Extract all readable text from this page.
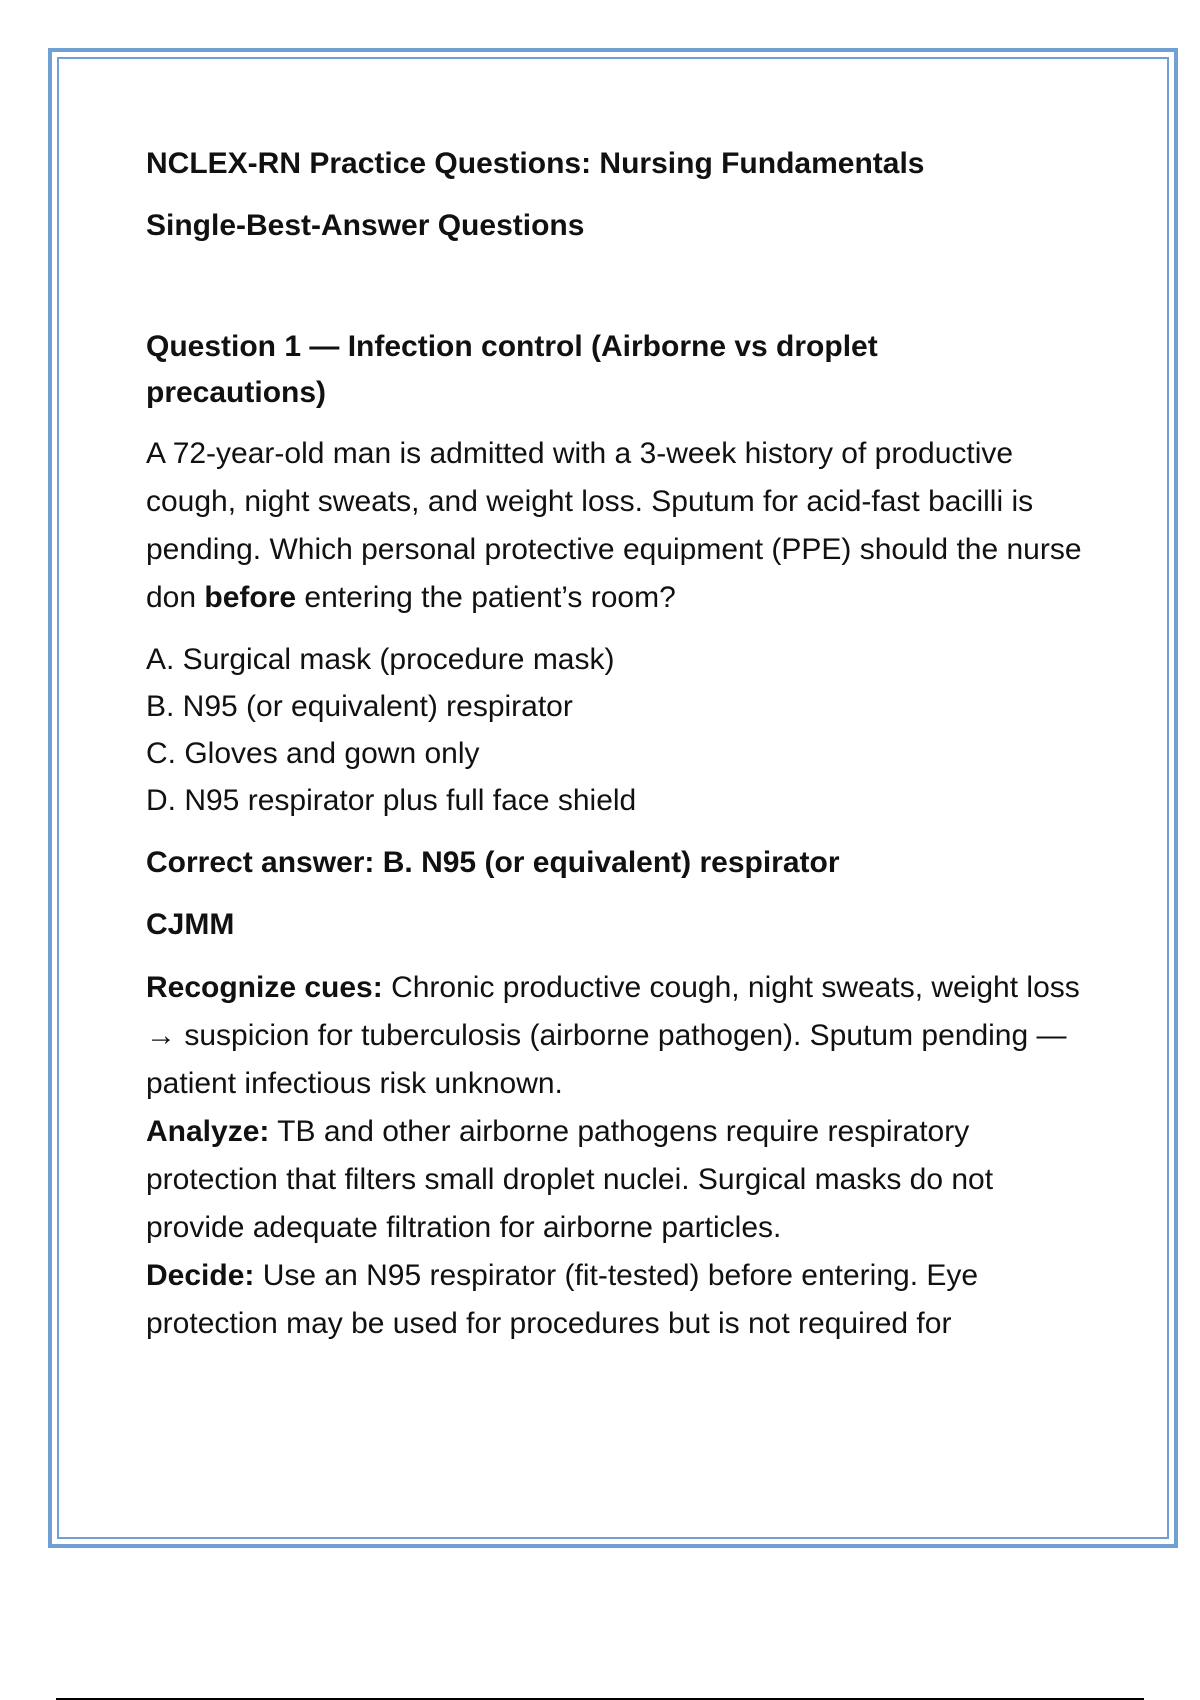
NCLEX-RN Practice Questions: Nursing Fundamentals

Single-Best-Answer Questions

Question 1 — Infection control (Airborne vs droplet
precautions)

A 72-year-old man is admitted with a 3-week history of productive cough, night sweats, and weight loss. Sputum for acid-fast bacilli is pending. Which personal protective equipment (PPE) should the nurse don before entering the patient’s room?

A. Surgical mask (procedure mask)
B. N95 (or equivalent) respirator
C. Gloves and gown only
D. N95 respirator plus full face shield

Correct answer: B. N95 (or equivalent) respirator

CJMM

Recognize cues: Chronic productive cough, night sweats, weight loss → suspicion for tuberculosis (airborne pathogen). Sputum pending — patient infectious risk unknown.

Analyze: TB and other airborne pathogens require respiratory protection that filters small droplet nuclei. Surgical masks do not provide adequate filtration for airborne particles.

Decide: Use an N95 respirator (fit-tested) before entering. Eye protection may be used for procedures but is not required for
